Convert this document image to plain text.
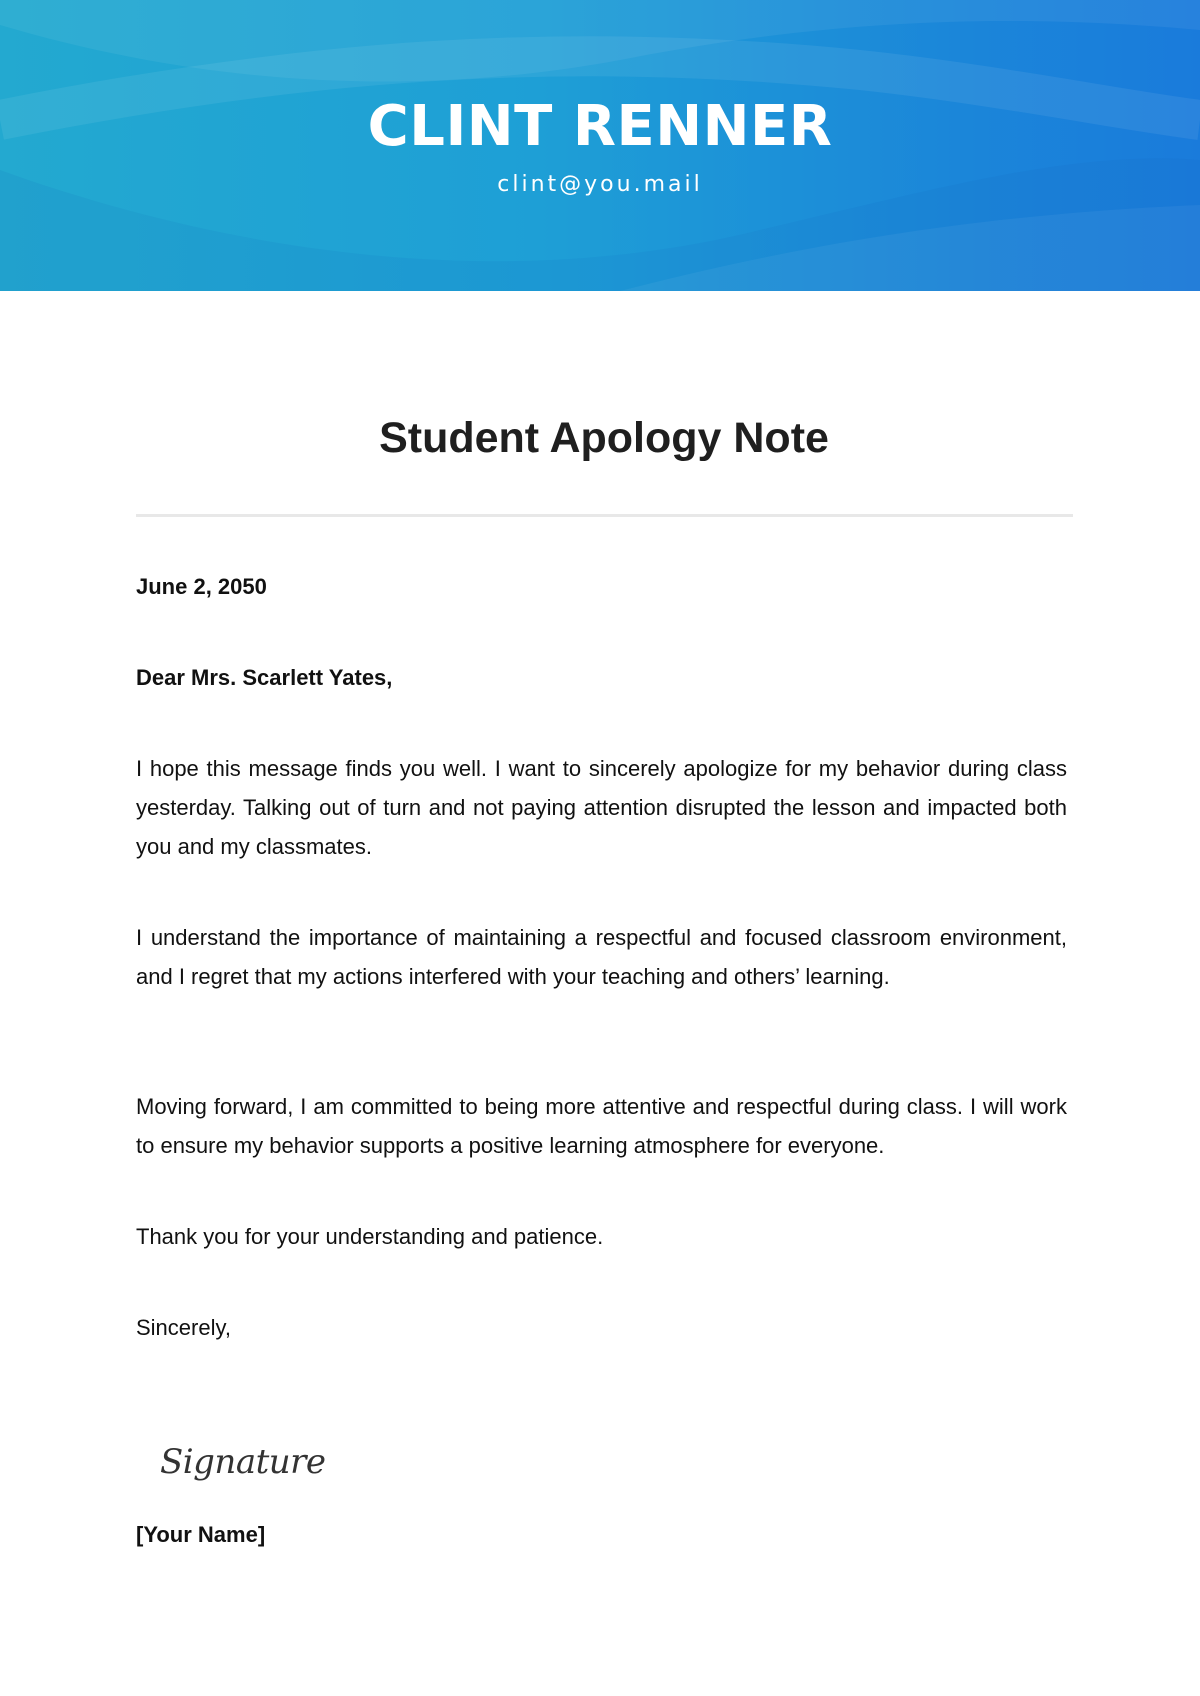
CLINT RENNER
clint@you.mail
Student Apology Note

June 2, 2050

Dear Mrs. Scarlett Yates,

I hope this message finds you well. I want to sincerely apologize for my behavior during class yesterday. Talking out of turn and not paying attention disrupted the lesson and impacted both you and my classmates.

I understand the importance of maintaining a respectful and focused classroom environment, and I regret that my actions interfered with your teaching and others’ learning.

Moving forward, I am committed to being more attentive and respectful during class. I will work to ensure my behavior supports a positive learning atmosphere for everyone.

Thank you for your understanding and patience.

Sincerely,

Signature
[Your Name]
